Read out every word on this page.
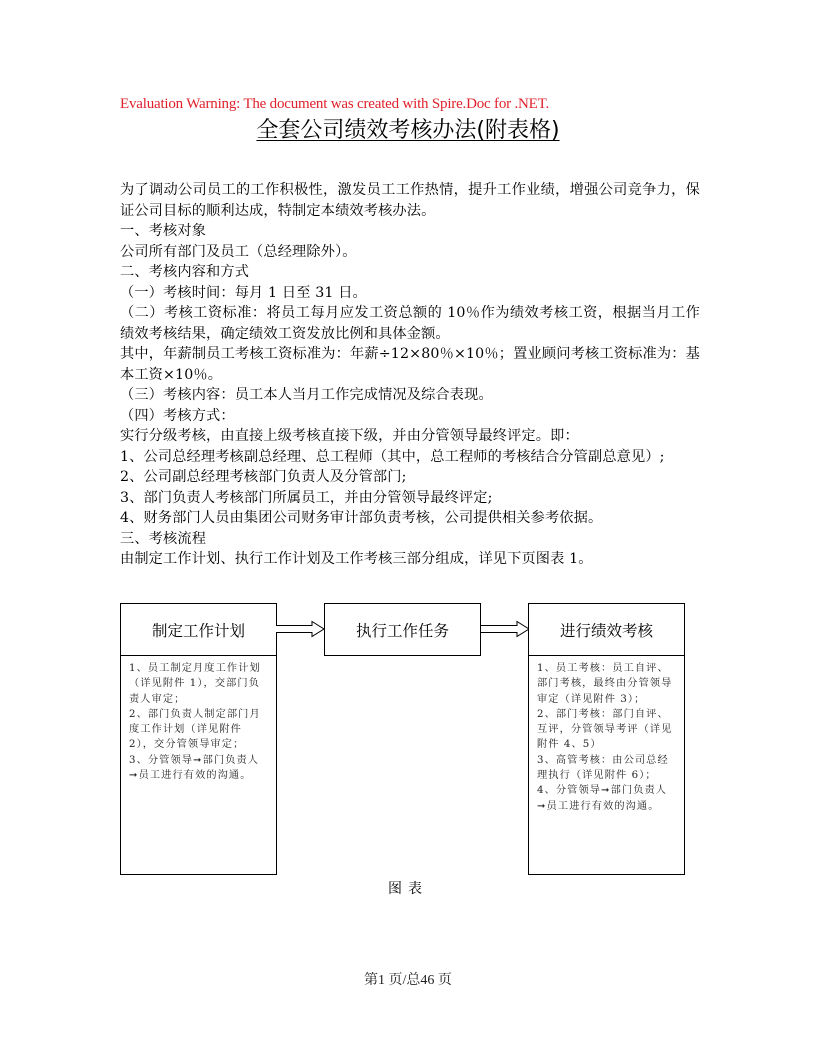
Evaluation Warning: The document was created with Spire.Doc for .NET.
全套公司绩效考核办法(附表格)

为了调动公司员工的工作积极性，激发员工工作热情，提升工作业绩，增强公司竞争力，保证公司目标的顺利达成，特制定本绩效考核办法。

一、考核对象

公司所有部门及员工（总经理除外）。

二、考核内容和方式

（一）考核时间：每月 1 日至 31 日。

（二）考核工资标准：将员工每月应发工资总额的 10％作为绩效考核工资，根据当月工作绩效考核结果，确定绩效工资发放比例和具体金额。

其中，年薪制员工考核工资标准为：年薪÷12×80％×10％；置业顾问考核工资标准为：基本工资×10％。

（三）考核内容：员工本人当月工作完成情况及综合表现。

（四）考核方式：

实行分级考核，由直接上级考核直接下级，并由分管领导最终评定。即：

1、公司总经理考核副总经理、总工程师（其中，总工程师的考核结合分管副总意见）;

2、公司副总经理考核部门负责人及分管部门;

3、部门负责人考核部门所属员工，并由分管领导最终评定;

4、财务部门人员由集团公司财务审计部负责考核，公司提供相关参考依据。

三、考核流程

由制定工作计划、执行工作计划及工作考核三部分组成，详见下页图表 1。

制定工作计划

1、员工制定月度工作计划（详见附件 1），交部门负责人审定；

2、部门负责人制定部门月度工作计划（详见附件 2），交分管领导审定；

3、分管领导➞部门负责人➞员工进行有效的沟通。

执行工作任务	进行绩效考核

1、员工考核：员工自评、部门考核，最终由分管领导审定（详见附件 3）；

2、部门考核：部门自评、互评，分管领导考评（详见附件 4、5）

3、高管考核：由公司总经理执行（详见附件 6）；

4、分管领导➞部门负责人➞员工进行有效的沟通。

图表
第1 页/总46 页
